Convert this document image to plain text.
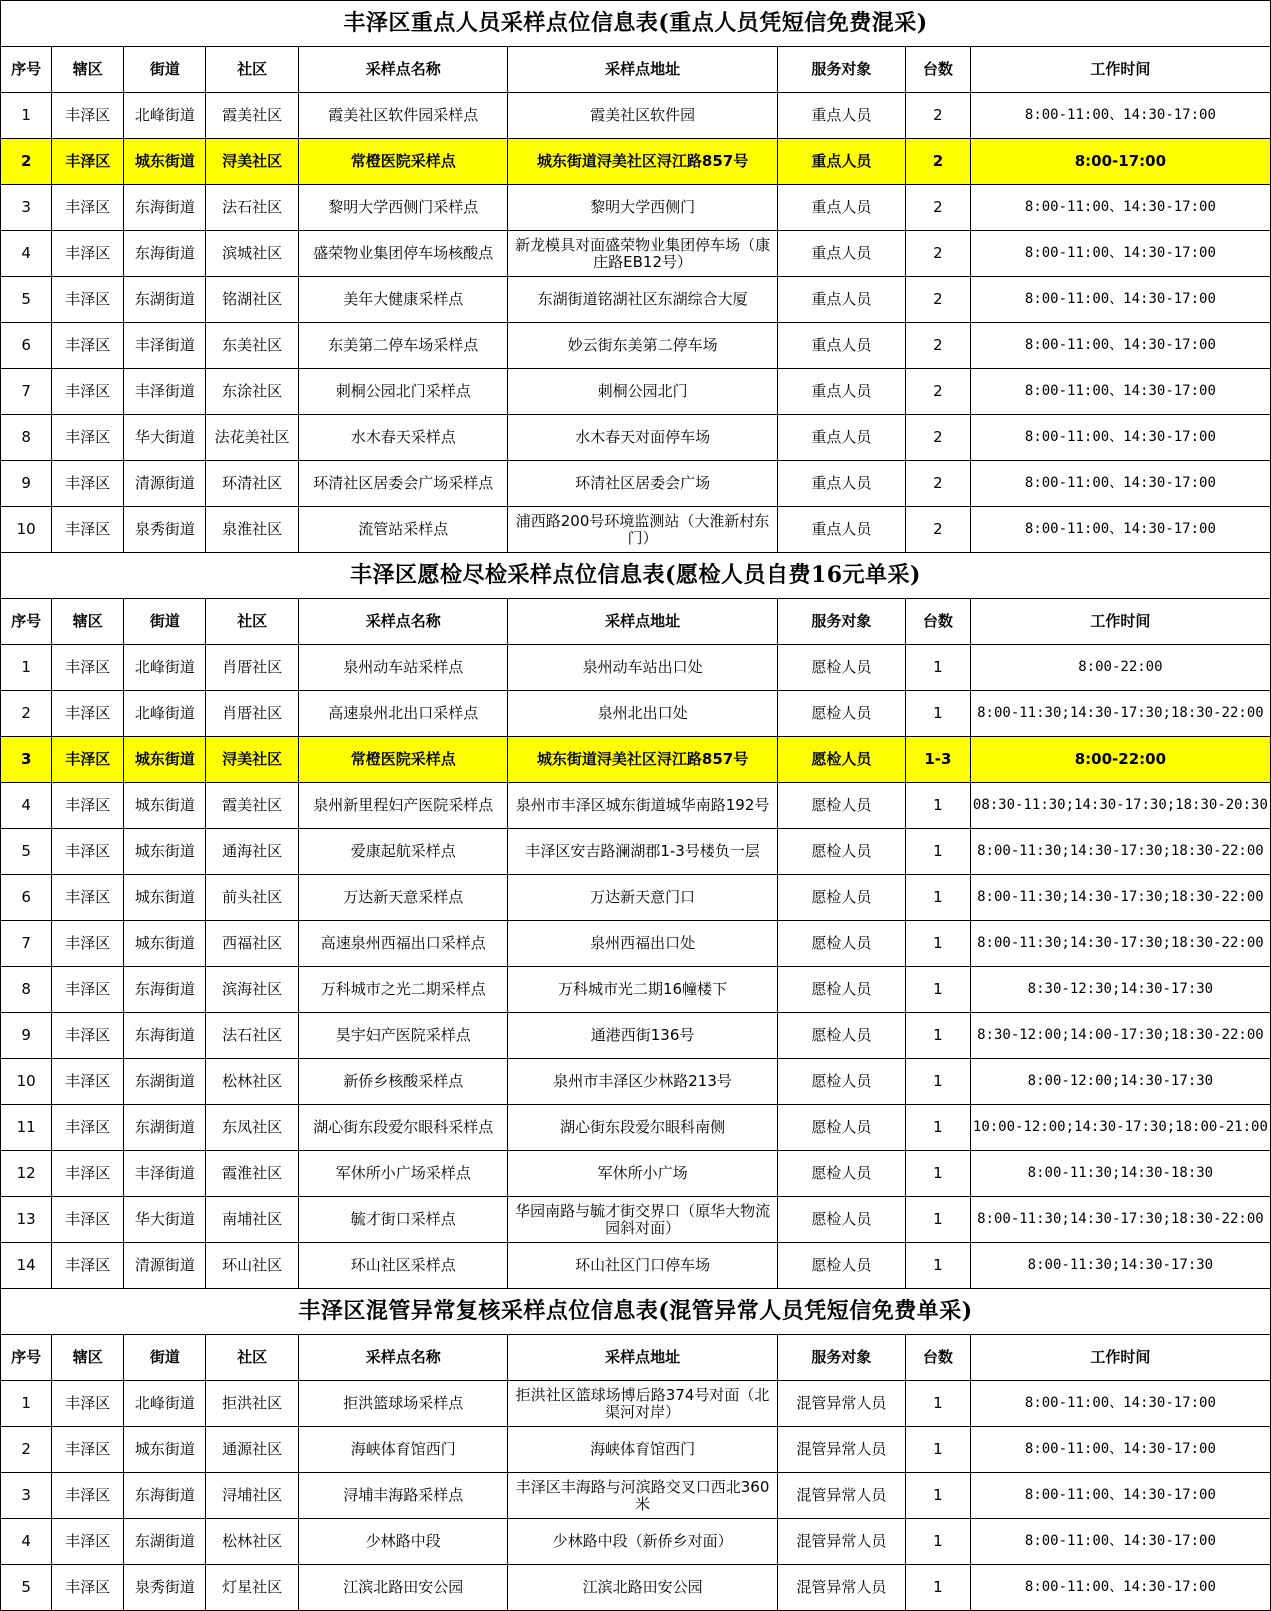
丰泽区重点人员采样点位信息表(重点人员凭短信免费混采)								
序号	辖区	街道	社区	采样点名称	采样点地址	服务对象	台数	工作时间
1	丰泽区	北峰街道	霞美社区	霞美社区软件园采样点	霞美社区软件园	重点人员	2	8:00-11:00、14:30-17:00
2	丰泽区	城东街道	浔美社区	常橙医院采样点	城东街道浔美社区浔江路857号	重点人员	2	8:00-17:00
3	丰泽区	东海街道	法石社区	黎明大学西侧门采样点	黎明大学西侧门	重点人员	2	8:00-11:00、14:30-17:00
4	丰泽区	东海街道	滨城社区	盛荣物业集团停车场核酸点	新龙模具对面盛荣物业集团停车场（康庄路EB12号）	重点人员	2	8:00-11:00、14:30-17:00
5	丰泽区	东湖街道	铭湖社区	美年大健康采样点	东湖街道铭湖社区东湖综合大厦	重点人员	2	8:00-11:00、14:30-17:00
6	丰泽区	丰泽街道	东美社区	东美第二停车场采样点	妙云街东美第二停车场	重点人员	2	8:00-11:00、14:30-17:00
7	丰泽区	丰泽街道	东涂社区	刺桐公园北门采样点	刺桐公园北门	重点人员	2	8:00-11:00、14:30-17:00
8	丰泽区	华大街道	法花美社区	水木春天采样点	水木春天对面停车场	重点人员	2	8:00-11:00、14:30-17:00
9	丰泽区	清源街道	环清社区	环清社区居委会广场采样点	环清社区居委会广场	重点人员	2	8:00-11:00、14:30-17:00
10	丰泽区	泉秀街道	泉淮社区	流管站采样点	浦西路200号环境监测站（大淮新村东门）	重点人员	2	8:00-11:00、14:30-17:00
丰泽区愿检尽检采样点位信息表(愿检人员自费16元单采)								
序号	辖区	街道	社区	采样点名称	采样点地址	服务对象	台数	工作时间
1	丰泽区	北峰街道	肖厝社区	泉州动车站采样点	泉州动车站出口处	愿检人员	1	8:00-22:00
2	丰泽区	北峰街道	肖厝社区	高速泉州北出口采样点	泉州北出口处	愿检人员	1	8:00-11:30;14:30-17:30;18:30-22:00
3	丰泽区	城东街道	浔美社区	常橙医院采样点	城东街道浔美社区浔江路857号	愿检人员	1-3	8:00-22:00
4	丰泽区	城东街道	霞美社区	泉州新里程妇产医院采样点	泉州市丰泽区城东街道城华南路192号	愿检人员	1	08:30-11:30;14:30-17:30;18:30-20:30
5	丰泽区	城东街道	通海社区	爱康起航采样点	丰泽区安吉路澜湖郡1-3号楼负一层	愿检人员	1	8:00-11:30;14:30-17:30;18:30-22:00
6	丰泽区	城东街道	前头社区	万达新天意采样点	万达新天意门口	愿检人员	1	8:00-11:30;14:30-17:30;18:30-22:00
7	丰泽区	城东街道	西福社区	高速泉州西福出口采样点	泉州西福出口处	愿检人员	1	8:00-11:30;14:30-17:30;18:30-22:00
8	丰泽区	东海街道	滨海社区	万科城市之光二期采样点	万科城市光二期16幢楼下	愿检人员	1	8:30-12:30;14:30-17:30
9	丰泽区	东海街道	法石社区	昊宇妇产医院采样点	通港西街136号	愿检人员	1	8:30-12:00;14:00-17:30;18:30-22:00
10	丰泽区	东湖街道	松林社区	新侨乡核酸采样点	泉州市丰泽区少林路213号	愿检人员	1	8:00-12:00;14:30-17:30
11	丰泽区	东湖街道	东凤社区	湖心街东段爱尔眼科采样点	湖心街东段爱尔眼科南侧	愿检人员	1	10:00-12:00;14:30-17:30;18:00-21:00
12	丰泽区	丰泽街道	霞淮社区	军休所小广场采样点	军休所小广场	愿检人员	1	8:00-11:30;14:30-18:30
13	丰泽区	华大街道	南埔社区	毓才街口采样点	华园南路与毓才街交界口（原华大物流园斜对面）	愿检人员	1	8:00-11:30;14:30-17:30;18:30-22:00
14	丰泽区	清源街道	环山社区	环山社区采样点	环山社区门口停车场	愿检人员	1	8:00-11:30;14:30-17:30
丰泽区混管异常复核采样点位信息表(混管异常人员凭短信免费单采)								
序号	辖区	街道	社区	采样点名称	采样点地址	服务对象	台数	工作时间
1	丰泽区	北峰街道	拒洪社区	拒洪篮球场采样点	拒洪社区篮球场博后路374号对面（北渠河对岸）	混管异常人员	1	8:00-11:00、14:30-17:00
2	丰泽区	城东街道	通源社区	海峡体育馆西门	海峡体育馆西门	混管异常人员	1	8:00-11:00、14:30-17:00
3	丰泽区	东海街道	浔埔社区	浔埔丰海路采样点	丰泽区丰海路与河滨路交叉口西北360米	混管异常人员	1	8:00-11:00、14:30-17:00
4	丰泽区	东湖街道	松林社区	少林路中段	少林路中段（新侨乡对面）	混管异常人员	1	8:00-11:00、14:30-17:00
5	丰泽区	泉秀街道	灯星社区	江滨北路田安公园	江滨北路田安公园	混管异常人员	1	8:00-11:00、14:30-17:00
